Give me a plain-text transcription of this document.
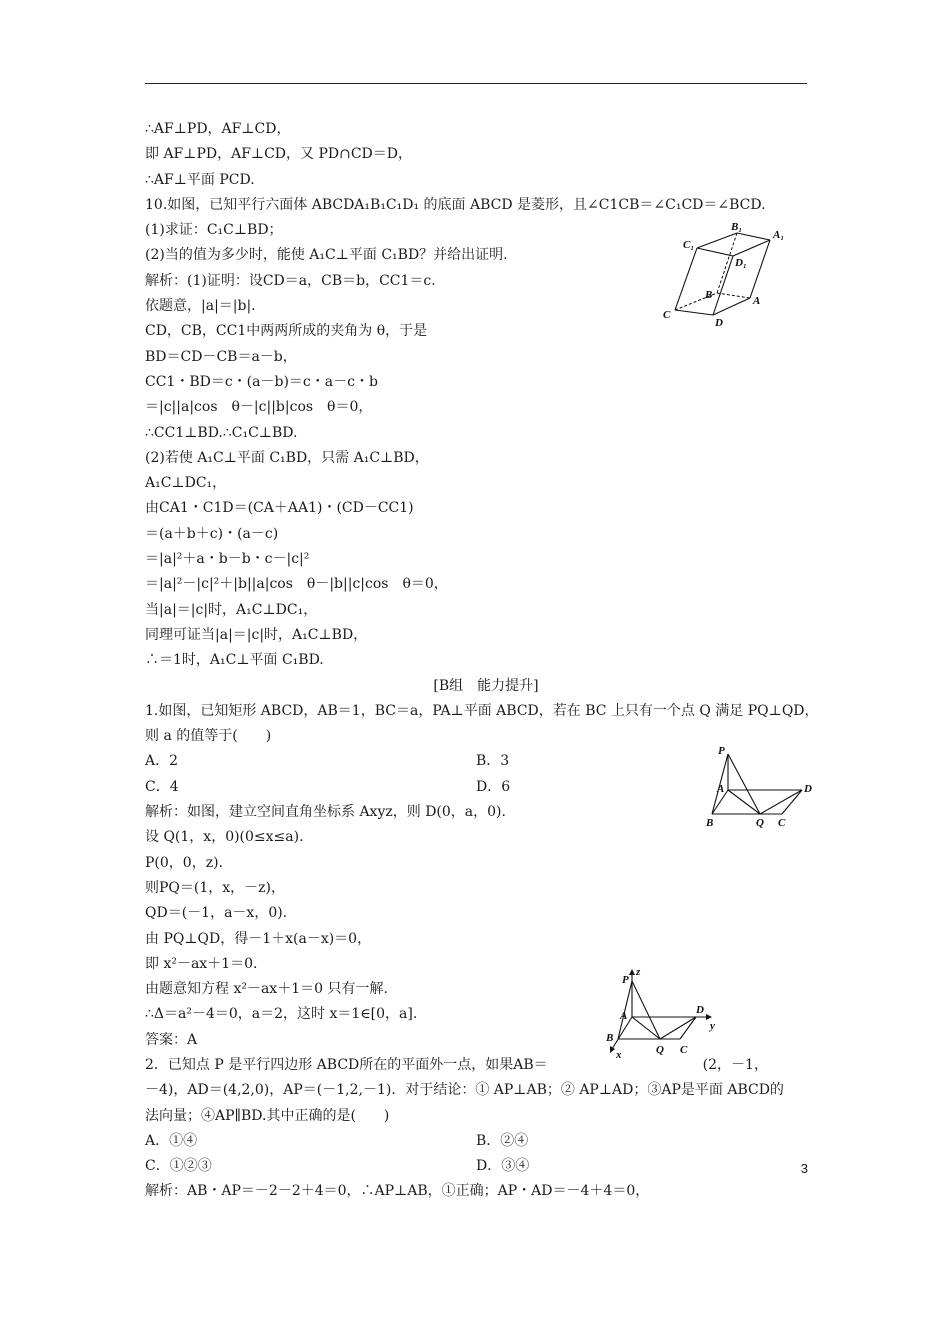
∴AF⊥PD，AF⊥CD，
即 AF⊥PD，AF⊥CD，又 PD∩CD＝D，
∴AF⊥平面 PCD.
10.如图，已知平行六面体 ABCDA₁B₁C₁D₁ 的底面 ABCD 是菱形，且∠C1CB＝∠C₁CD＝∠BCD.
(1)求证：C₁C⊥BD；
(2)当的值为多少时，能使 A₁C⊥平面 C₁BD？并给出证明.
解析：(1)证明：设CD＝a，CB＝b，CC1＝c.
依题意，|a|＝|b|.
CD，CB，CC1中两两所成的夹角为 θ，于是
BD＝CD－CB＝a－b，
CC1・BD＝c・(a－b)＝c・a－c・b
＝|c||a|cos　θ－|c||b|cos　θ＝0，
∴CC1⊥BD.∴C₁C⊥BD.
(2)若使 A₁C⊥平面 C₁BD，只需 A₁C⊥BD，
A₁C⊥DC₁，
由CA1・C1D＝(CA＋AA1)・(CD－CC1)
＝(a＋b＋c)・(a－c)
＝|a|²＋a・b－b・c－|c|²
＝|a|²－|c|²＋|b||a|cos　θ－|b||c|cos　θ＝0，
当|a|＝|c|时，A₁C⊥DC₁，
同理可证当|a|＝|c|时，A₁C⊥BD，
∴＝1时，A₁C⊥平面 C₁BD.
[B组　能力提升]
1.如图，已知矩形 ABCD，AB＝1，BC＝a，PA⊥平面 ABCD，若在 BC 上只有一个点 Q 满足 PQ⊥QD，
则 a 的值等于(　　)
A．2	B．3
C．4	D．6
解析：如图，建立空间直角坐标系 Axyz，则 D(0，a，0).
设 Q(1，x，0)(0≤x≤a).
P(0，0，z).
则PQ＝(1，x，－z)，
QD＝(－1，a－x，0).
由 PQ⊥QD，得－1＋x(a－x)＝0，
即 x²－ax＋1＝0.
由题意知方程 x²－ax＋1＝0 只有一解.
∴Δ＝a²－4＝0，a＝2，这时 x＝1∈[0，a].
答案：A
2．已知点 P 是平行四边形 ABCD所在的平面外一点，如果AB＝	(2，－1，
－4)，AD＝(4,2,0)，AP＝(－1,2,－1)．对于结论：① AP⊥AB；② AP⊥AD；③AP是平面 ABCD的
法向量；④AP∥BD.其中正确的是(　　)
A．①④	B．②④
C．①②③	D．③④
解析：AB・AP＝－2－2＋4＝0，∴AP⊥AB，①正确；AP・AD＝－4＋4＝0，
B₁
A₁
C₁
D₁
B	A
C
D
P
A	D
B	Q C
P
z
A	D
y
B
x	Q C
3
